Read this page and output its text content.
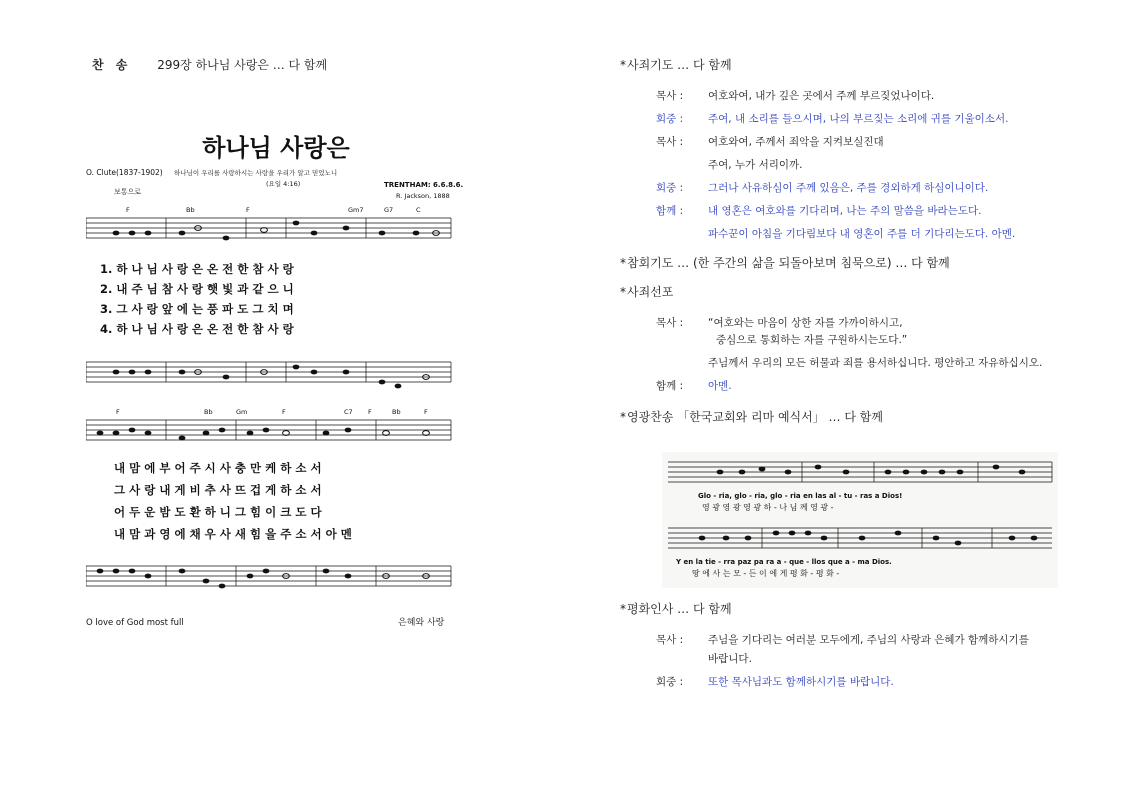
찬 송 299장 하나님 사랑은 … 다 함께
하나님 사랑은
O. Clute(1837-1902) 하나님이 우리를 사랑하시는 사랑을 우리가 알고 믿었노니
(요일 4:16)
보통으로
TRENTHAM: 6.6.8.6.
R. Jackson, 1888
F	Bb	F	Gm7	G7	C
1. 하 나 님 사 랑 은 온 전 한 참 사 랑
2. 내 주 님 참 사 랑 햇 빛 과 같 으 니
3. 그 사 랑 앞 에 는 풍 파 도 그 치 며
4. 하 나 님 사 랑 은 온 전 한 참 사 랑
F	Bb	Gm	F	C7 F	Bb	F
내 맘 에 부 어 주 시 사 충 만 케 하 소 서
그 사 랑 내 게 비 추 사 뜨 겁 게 하 소 서
어 두 운 밤 도 환 하 니 그 힘 이 크 도 다
내 맘 과 영 에 채 우 사 새 힘 을 주 소 서 아 멘
O love of God most full	은혜와 사랑
*사죄기도 … 다 함께
목사 :	여호와여, 내가 깊은 곳에서 주께 부르짖었나이다.
회중 :	주여, 내 소리를 들으시며, 나의 부르짖는 소리에 귀를 기울이소서.
목사 :	여호와여, 주께서 죄악을 지켜보실진대
주여, 누가 서리이까.
회중 :	그러나 사유하심이 주께 있음은, 주를 경외하게 하심이니이다.
함께 :	내 영혼은 여호와를 기다리며, 나는 주의 말씀을 바라는도다.
파수꾼이 아침을 기다림보다 내 영혼이 주를 더 기다리는도다. 아멘.
*참회기도 … (한 주간의 삶을 되돌아보며 침묵으로) … 다 함께
*사죄선포
목사 :	“여호와는 마음이 상한 자를 가까이하시고,
중심으로 통회하는 자를 구원하시는도다.”
주님께서 우리의 모든 허물과 죄를 용서하십니다. 평안하고 자유하십시오.
함께 :	아멘.
*영광찬송 「한국교회와 리마 예식서」 … 다 함께
Glo - ria, glo - ria, glo - ria en las al - tu - ras a Dios!
영 광 영 광 영 광 하 - 나 님 께 영 광 -
Y en la tie - rra paz pa ra a - que - llos que a - ma Dios.
땅 에 사 는 모 - 든 이 에 게 평 화 - 평 화 -
*평화인사 … 다 함께
목사 :	주님을 기다리는 여러분 모두에게, 주님의 사랑과 은혜가 함께하시기를
바랍니다.
회중 :	또한 목사님과도 함께하시기를 바랍니다.
